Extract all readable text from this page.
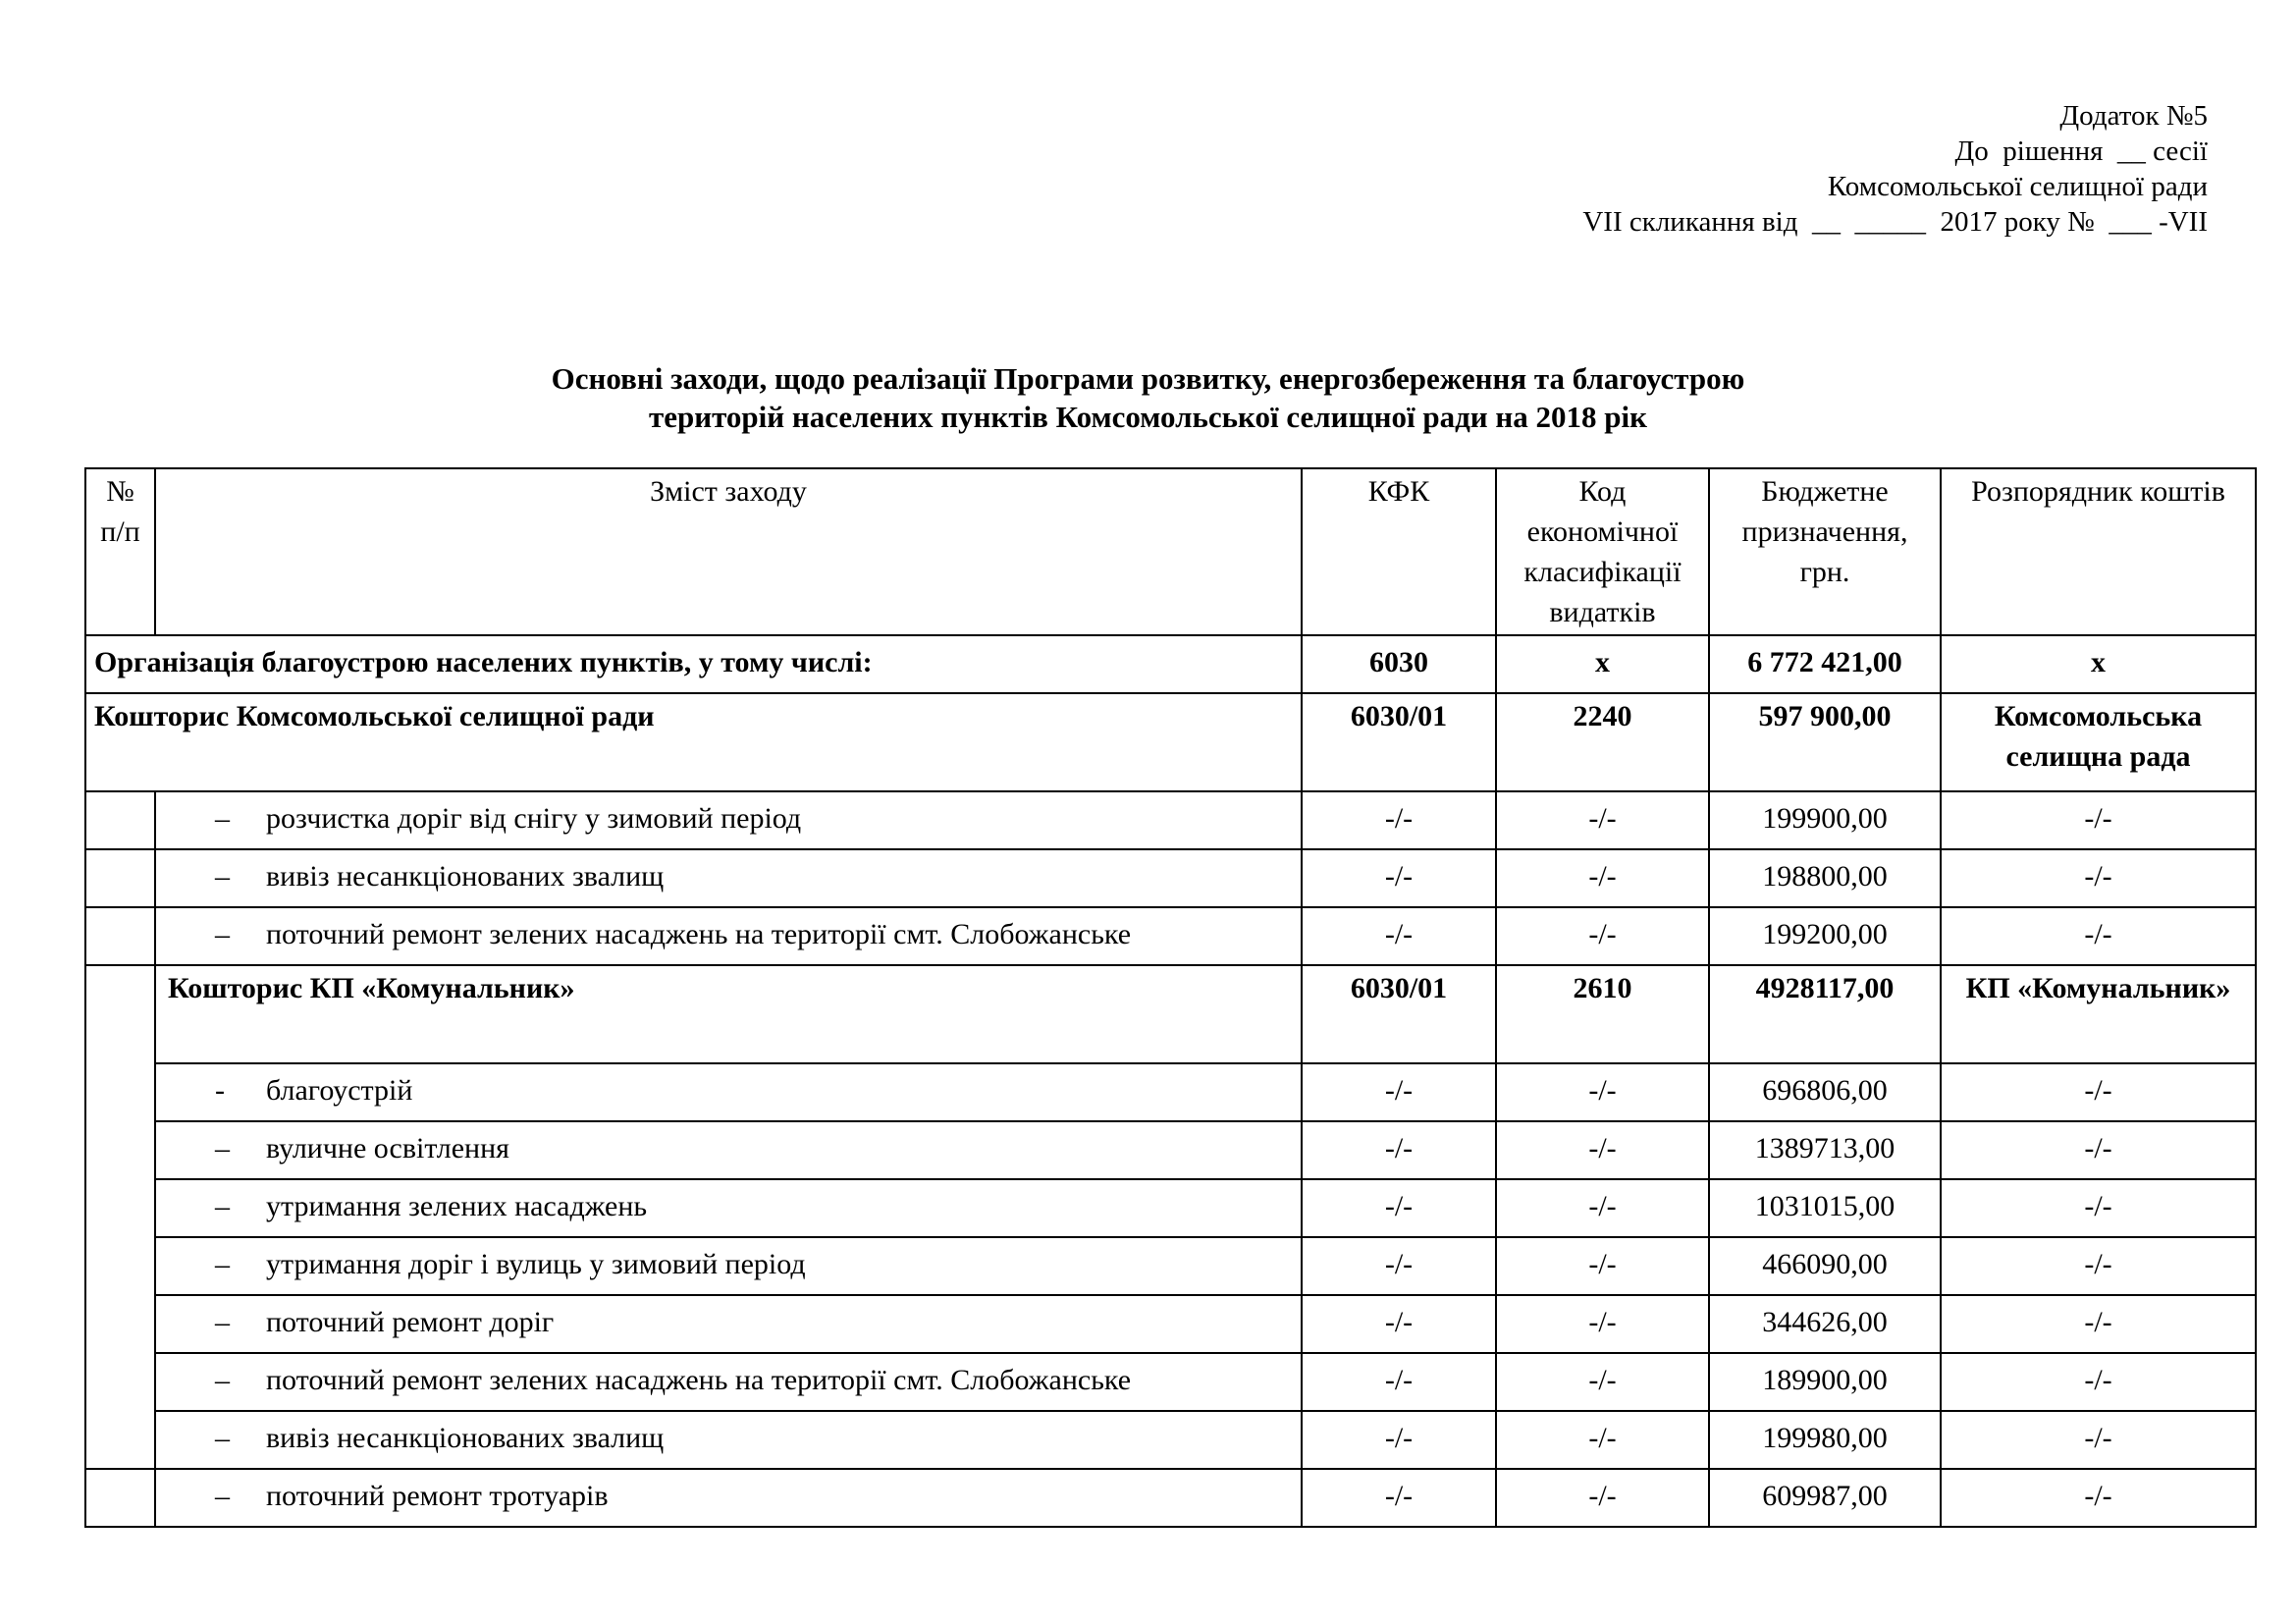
Додаток №5
До  рішення  __ сесії
Комсомольської селищної ради
VII скликання від  __  _____  2017 року №  ___ -VII
Основні заходи, щодо реалізації Програми розвитку, енергозбереження та благоустрою
територій населених пунктів Комсомольської селищної ради на 2018 рік
№ п/п	Зміст заходу	КФК	Код економічної класифікації видатків	Бюджетне призначення, грн.	Розпорядник коштів
Організація благоустрою населених пунктів, у тому числі:		6030	х	6 772 421,00	х
Кошторис Комсомольської селищної ради		6030/01	2240	597 900,00	Комсомольська селищна рада
	– розчистка доріг від снігу у зимовий період	-/-	-/-	199900,00	-/-
	– вивіз несанкціонованих звалищ	-/-	-/-	198800,00	-/-
	– поточний ремонт зелених насаджень на території смт. Слобожанське	-/-	-/-	199200,00	-/-
	Кошторис КП «Комунальник»	6030/01	2610	4928117,00	КП «Комунальник»
	- благоустрій	-/-	-/-	696806,00	-/-
	– вуличне освітлення	-/-	-/-	1389713,00	-/-
	– утримання зелених насаджень	-/-	-/-	1031015,00	-/-
	– утримання доріг і вулиць у зимовий період	-/-	-/-	466090,00	-/-
	– поточний ремонт доріг	-/-	-/-	344626,00	-/-
	– поточний ремонт зелених насаджень на території смт. Слобожанське	-/-	-/-	189900,00	-/-
	– вивіз несанкціонованих звалищ	-/-	-/-	199980,00	-/-
	– поточний ремонт тротуарів	-/-	-/-	609987,00	-/-
